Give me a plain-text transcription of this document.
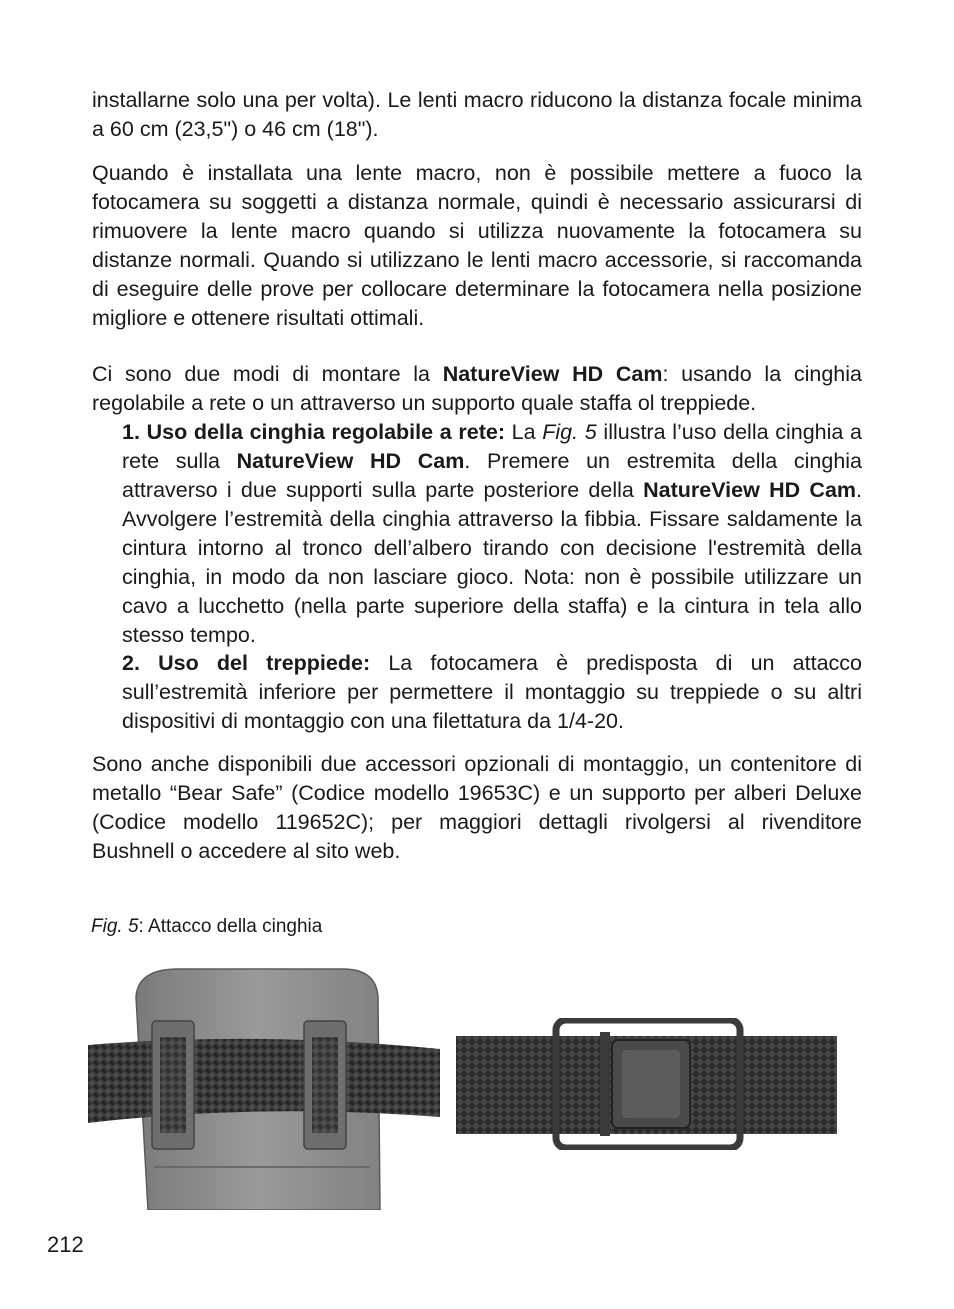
installarne solo una per volta). Le lenti macro riducono la distanza focale minima a 60 cm (23,5") o 46 cm (18").

Quando è installata una lente macro, non è possibile mettere a fuoco la fotocamera su soggetti a distanza normale, quindi è necessario assicurarsi di rimuovere la lente macro quando si utilizza nuovamente la fotocamera su distanze normali. Quando si utilizzano le lenti macro accessorie, si raccomanda di eseguire delle prove per collocare determinare la fotocamera nella posizione migliore e ottenere risultati ottimali.

Ci sono due modi di montare la NatureView HD Cam: usando la cinghia regolabile a rete o un attraverso un supporto quale staffa ol treppiede.

1. Uso della cinghia regolabile a rete: La Fig. 5 illustra l’uso della cinghia a rete sulla NatureView HD Cam. Premere un estremita della cinghia attraverso i due supporti sulla parte posteriore della NatureView HD Cam. Avvolgere l’estremità della cinghia attraverso la fibbia. Fissare saldamente la cintura intorno al tronco dell’albero tirando con decisione l'estremità della cinghia, in modo da non lasciare gioco. Nota: non è possibile utilizzare un cavo a lucchetto (nella parte superiore della staffa) e la cintura in tela allo stesso tempo.
2. Uso del treppiede: La fotocamera è predisposta di un attacco sull’estremità inferiore per permettere il montaggio su treppiede o su altri dispositivi di montaggio con una filettatura da 1/4-20.

Sono anche disponibili due accessori opzionali di montaggio, un contenitore di metallo “Bear Safe” (Codice modello 19653C) e un supporto per alberi Deluxe (Codice modello 119652C); per maggiori dettagli rivolgersi al rivenditore Bushnell o accedere al sito web.

Fig. 5: Attacco della cinghia
212
